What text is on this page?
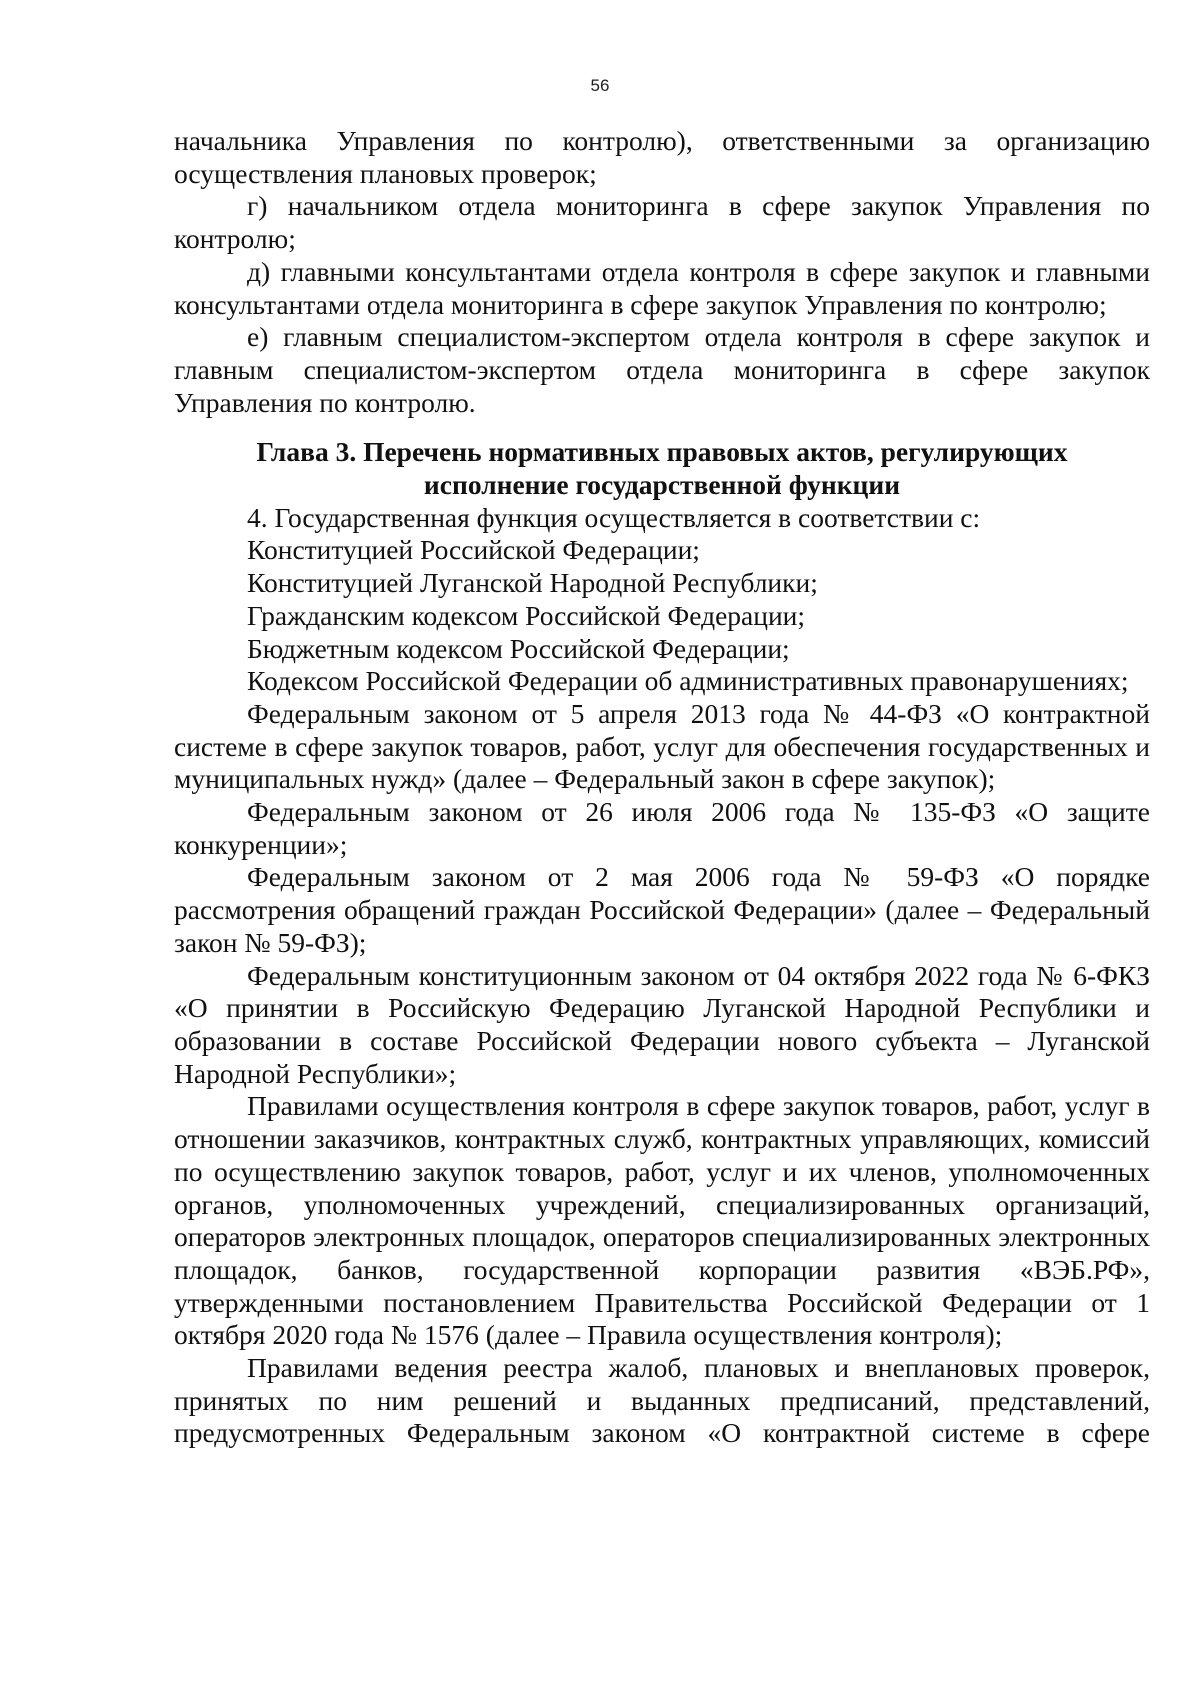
56

начальника Управления по контролю), ответственными за организацию осуществления плановых проверок;

г) начальником отдела мониторинга в сфере закупок Управления по контролю;

д) главными консультантами отдела контроля в сфере закупок и главными консультантами отдела мониторинга в сфере закупок Управления по контролю;

е) главным специалистом-экспертом отдела контроля в сфере закупок и главным специалистом-экспертом отдела мониторинга в сфере закупок Управления по контролю.

Глава 3. Перечень нормативных правовых актов, регулирующих
исполнение государственной функции

4. Государственная функция осуществляется в соответствии с:

Конституцией Российской Федерации;

Конституцией Луганской Народной Республики;

Гражданским кодексом Российской Федерации;

Бюджетным кодексом Российской Федерации;

Кодексом Российской Федерации об административных правонарушениях;

Федеральным законом от 5 апреля 2013 года № 44-ФЗ «О контрактной системе в сфере закупок товаров, работ, услуг для обеспечения государственных и муниципальных нужд» (далее – Федеральный закон в сфере закупок);

Федеральным законом от 26 июля 2006 года № 135-ФЗ «О защите конкуренции»;

Федеральным законом от 2 мая 2006 года № 59-ФЗ «О порядке рассмотрения обращений граждан Российской Федерации» (далее – Федеральный закон № 59-ФЗ);

Федеральным конституционным законом от 04 октября 2022 года № 6-ФКЗ «О принятии в Российскую Федерацию Луганской Народной Республики и образовании в составе Российской Федерации нового субъекта – Луганской Народной Республики»;

Правилами осуществления контроля в сфере закупок товаров, работ, услуг в отношении заказчиков, контрактных служб, контрактных управляющих, комиссий по осуществлению закупок товаров, работ, услуг и их членов, уполномоченных органов, уполномоченных учреждений, специализированных организаций, операторов электронных площадок, операторов специализированных электронных площадок, банков, государственной корпорации развития «ВЭБ.РФ», утвержденными постановлением Правительства Российской Федерации от 1 октября 2020 года № 1576 (далее – Правила осуществления контроля);

Правилами ведения реестра жалоб, плановых и внеплановых проверок, принятых по ним решений и выданных предписаний, представлений, предусмотренных Федеральным законом «О контрактной системе в сфере
